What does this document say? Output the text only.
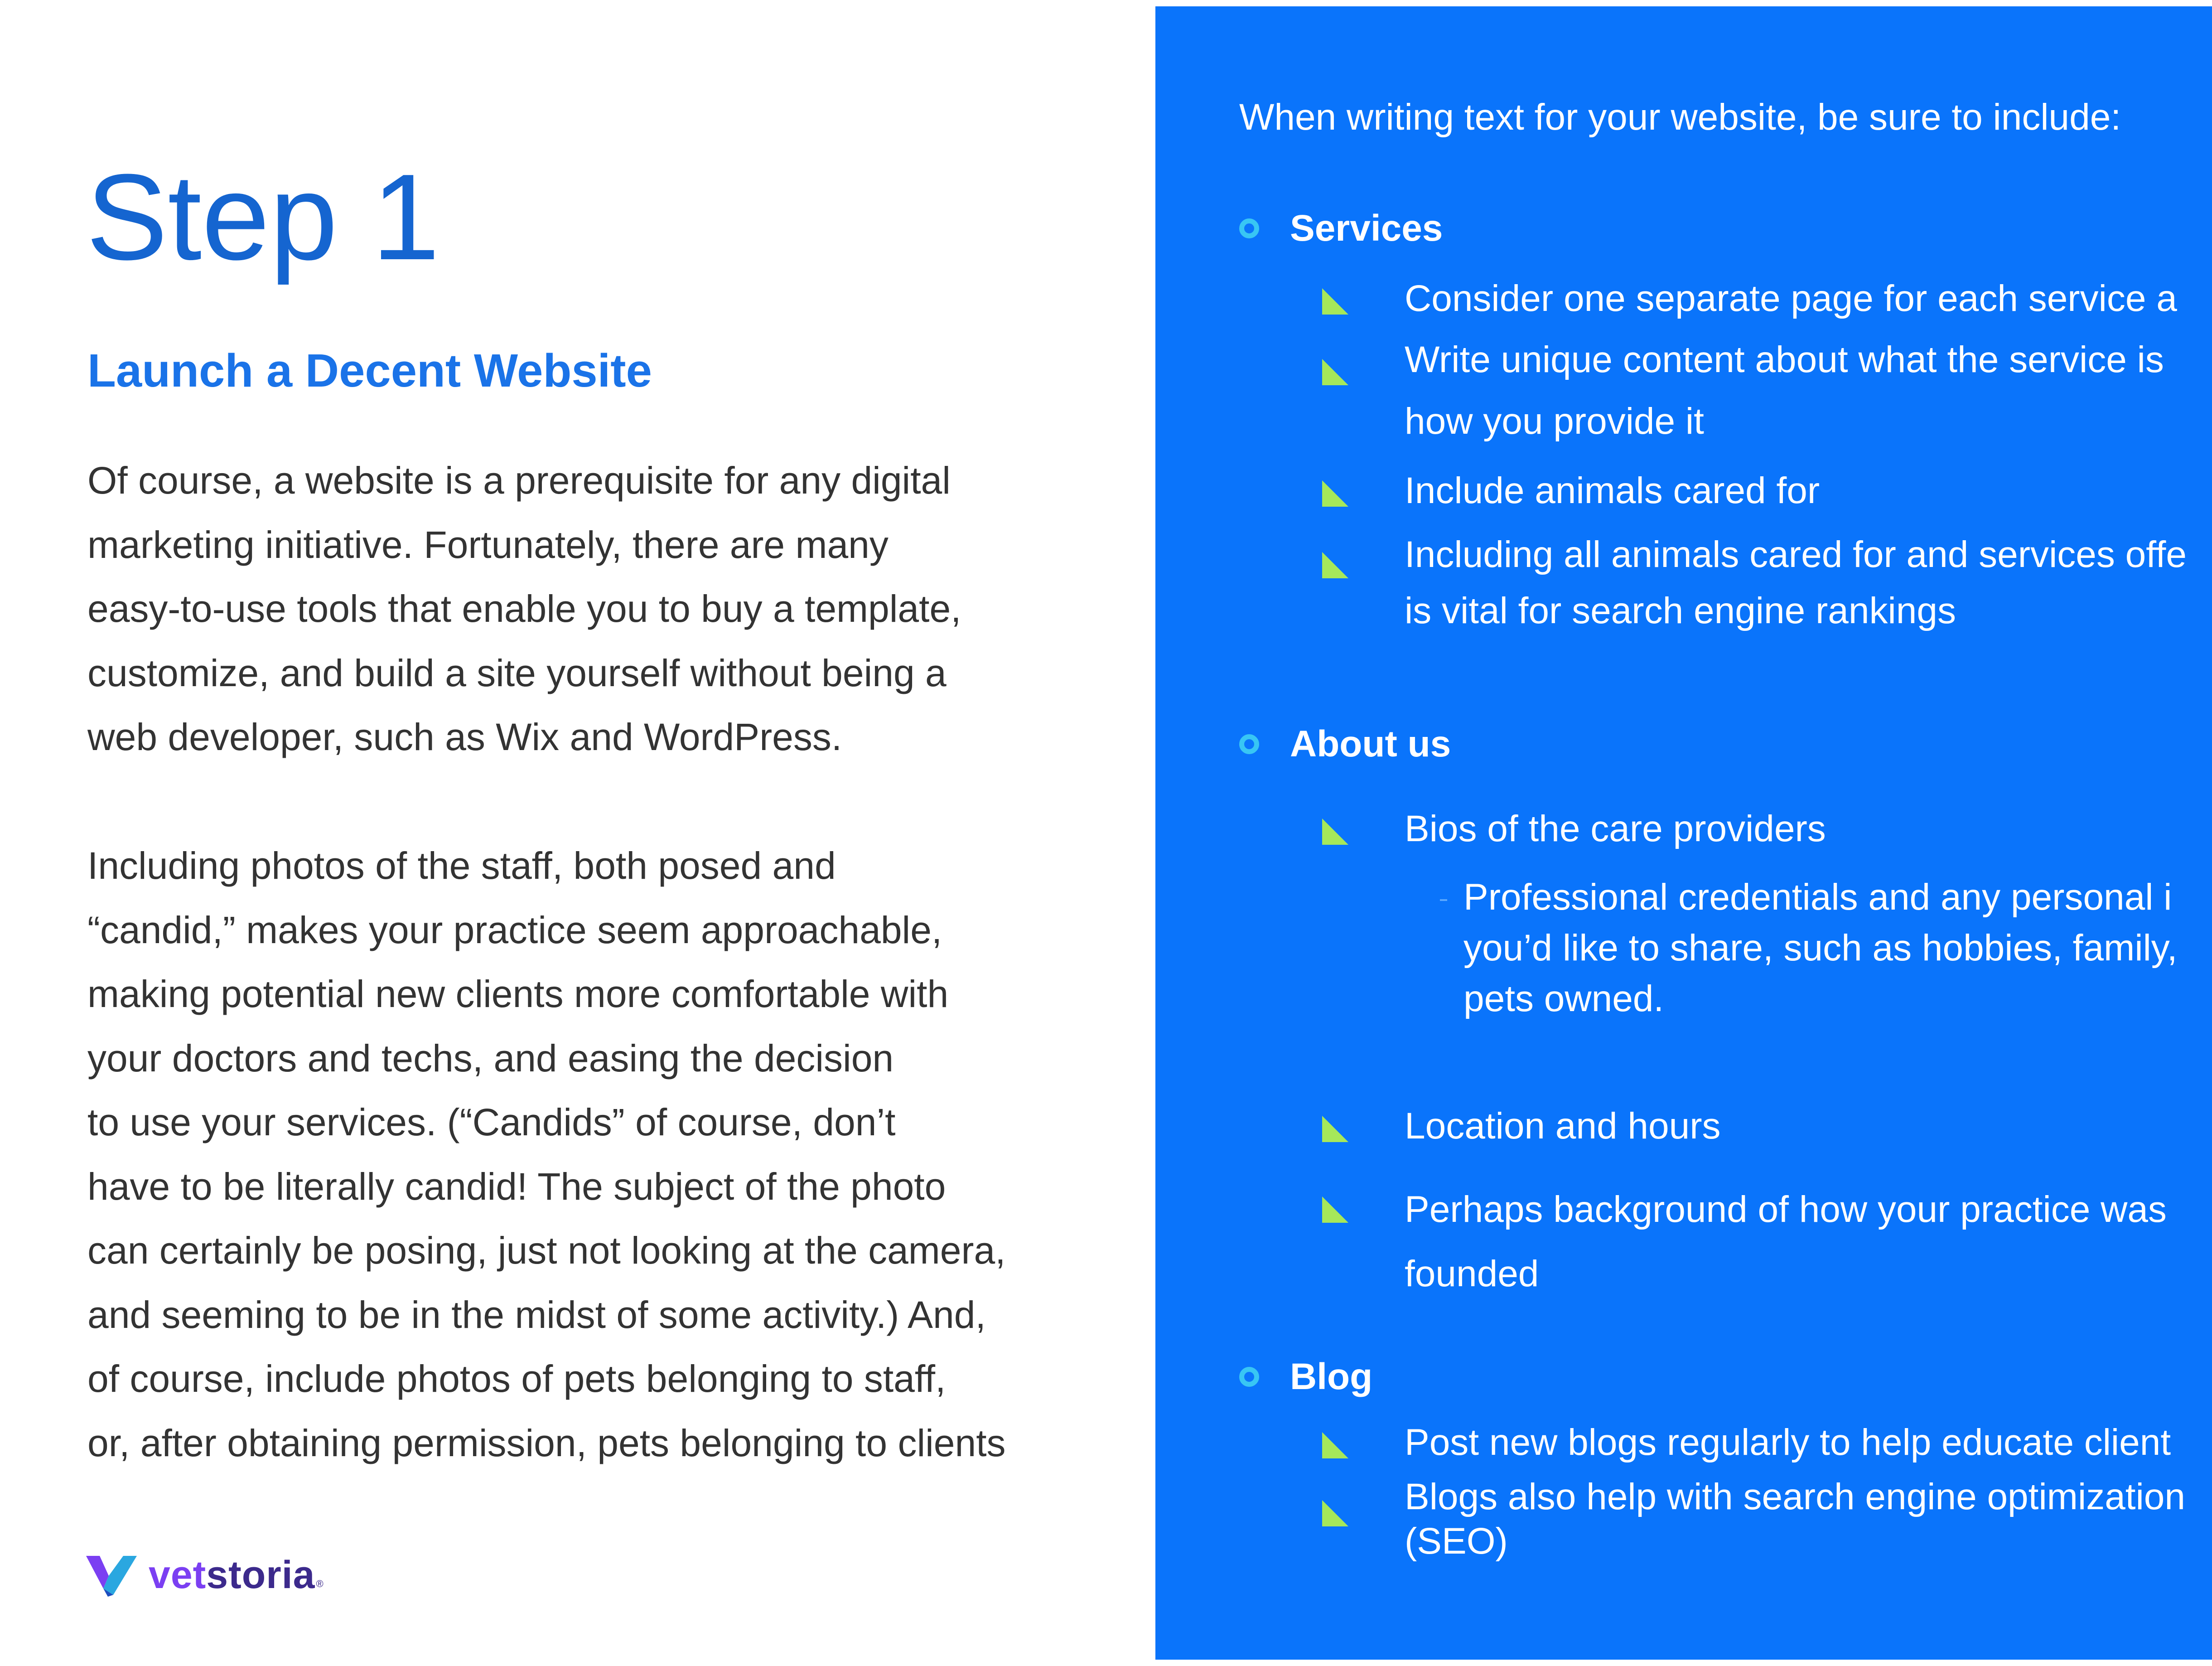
Step 1
Launch a Decent Website

Of course, a website is a prerequisite for any digital
marketing initiative. Fortunately, there are many
easy-to-use tools that enable you to buy a template,
customize, and build a site yourself without being a
web developer, such as Wix and WordPress.

Including photos of the staff, both posed and
“candid,” makes your practice seem approachable,
making potential new clients more comfortable with
your doctors and techs, and easing the decision
to use your services. (“Candids” of course, don’t
have to be literally candid! The subject of the photo
can certainly be posing, just not looking at the camera,
and seeming to be in the midst of some activity.) And,
of course, include photos of pets belonging to staff,
or, after obtaining permission, pets belonging to clients

vetstoria ®

When writing text for your website, be sure to include:

Services

Consider one separate page for each service a

Write unique content about what the service is
how you provide it

Include animals cared for

Including all animals cared for and services offe
is vital for search engine rankings

About us

Bios of the care providers

Professional credentials and any personal i
you’d like to share, such as hobbies, family,
pets owned.

Location and hours

Perhaps background of how your practice was
founded

Blog

Post new blogs regularly to help educate client

Blogs also help with search engine optimization
(SEO)
